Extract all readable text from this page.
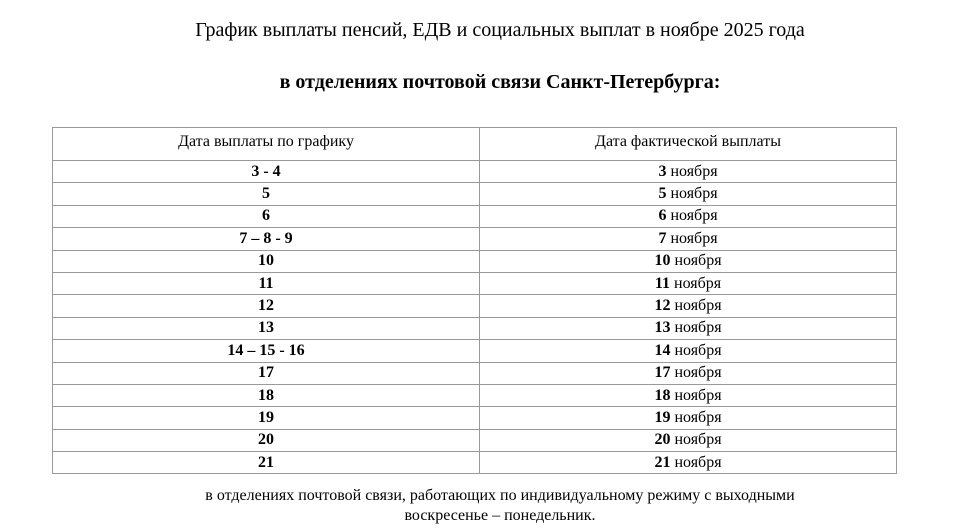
График выплаты пенсий, ЕДВ и социальных выплат в ноябре 2025 года
в отделениях почтовой связи Санкт-Петербурга:
Дата выплаты по графику	Дата фактической выплаты
3 - 4	3 ноября
5	5 ноября
6	6 ноября
7 – 8 - 9	7 ноября
10	10 ноября
11	11 ноября
12	12 ноября
13	13 ноября
14 – 15 - 16	14 ноября
17	17 ноября
18	18 ноября
19	19 ноября
20	20 ноября
21	21 ноября
в отделениях почтовой связи, работающих по индивидуальному режиму с выходными
воскресенье – понедельник.
